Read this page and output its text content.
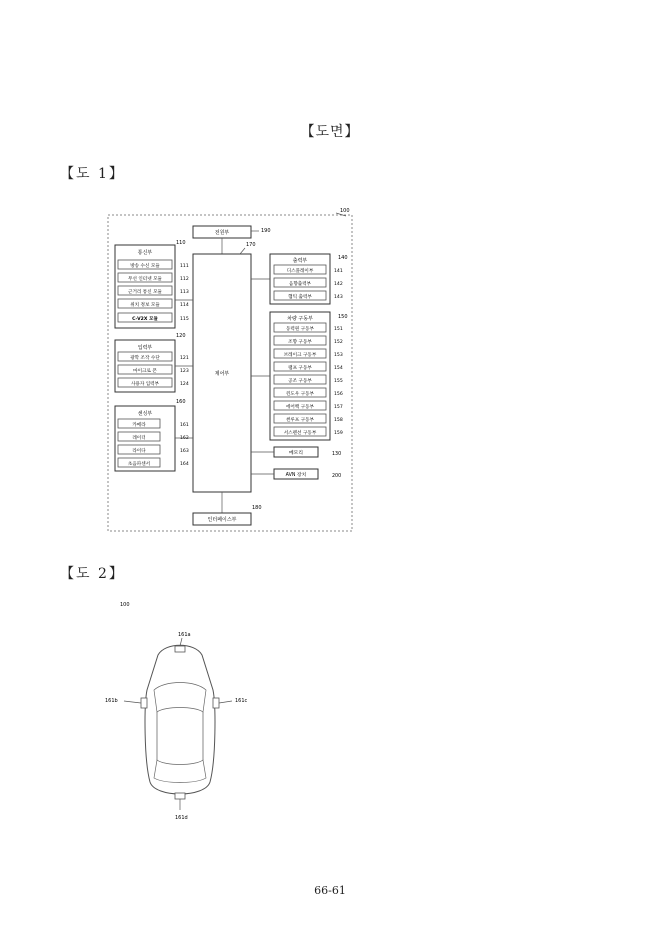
【도면】
【도 1】
100
전원부	190
제어부
170
인터페이스부
180
통신부
110
방송 수신 모듈	111
무선 인터넷 모듈	112
근거리 통신 모듈	113
위치 정보 모듈	114
C-V2X 모듈	115
입력부
120
광학 조작 수단	121
마이크로 폰	123
사용자 입력부	124
센싱부
160
카메라	161
레이더	162
라이다	163
초음파센서	164
출력부	140
디스플레이부	141
음향출력부	142
햅틱 출력부	143
차량 구동부	150
동력원 구동부	151
조향 구동부	152
브레이크 구동부	153
램프 구동부	154
공조 구동부	155
윈도우 구동부	156
에어백 구동부	157
썬루프 구동부	158
서스펜션 구동부	159
메모리	130
AVN 장치	200
【도 2】
100
161a
161b	161c
161d
66-61
